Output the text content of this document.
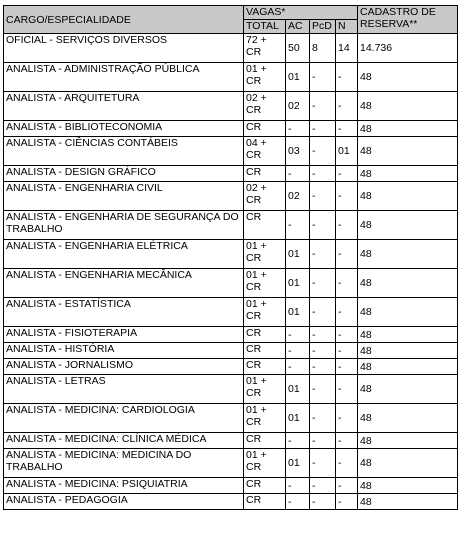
CARGO/ESPECIALIDADE	VAGAS*				CADASTRO DE RESERVA**
	TOTAL	AC	PcD	N	
OFICIAL - SERVIÇOS DIVERSOS	72 + CR	50	8	14	14.736
ANALISTA - ADMINISTRAÇÃO PÚBLICA	01 + CR	01	-	-	48
ANALISTA - ARQUITETURA	02 + CR	02	-	-	48
ANALISTA - BIBLIOTECONOMIA	CR	-	-	-	48
ANALISTA - CIÊNCIAS CONTÁBEIS	04 + CR	03	-	01	48
ANALISTA - DESIGN GRÁFICO	CR	-	-	-	48
ANALISTA - ENGENHARIA CIVIL	02 + CR	02	-	-	48
ANALISTA - ENGENHARIA DE SEGURANÇA DO TRABALHO	CR	-	-	-	48
ANALISTA - ENGENHARIA ELÉTRICA	01 + CR	01	-	-	48
ANALISTA - ENGENHARIA MECÂNICA	01 + CR	01	-	-	48
ANALISTA - ESTATÍSTICA	01 + CR	01	-	-	48
ANALISTA - FISIOTERAPIA	CR	-	-	-	48
ANALISTA - HISTÓRIA	CR	-	-	-	48
ANALISTA - JORNALISMO	CR	-	-	-	48
ANALISTA - LETRAS	01 + CR	01	-	-	48
ANALISTA - MEDICINA: CARDIOLOGIA	01 + CR	01	-	-	48
ANALISTA - MEDICINA: CLÍNICA MÉDICA	CR	-	-	-	48
ANALISTA - MEDICINA: MEDICINA DO TRABALHO	01 + CR	01	-	-	48
ANALISTA - MEDICINA: PSIQUIATRIA	CR	-	-	-	48
ANALISTA - PEDAGOGIA	CR	-	-	-	48
